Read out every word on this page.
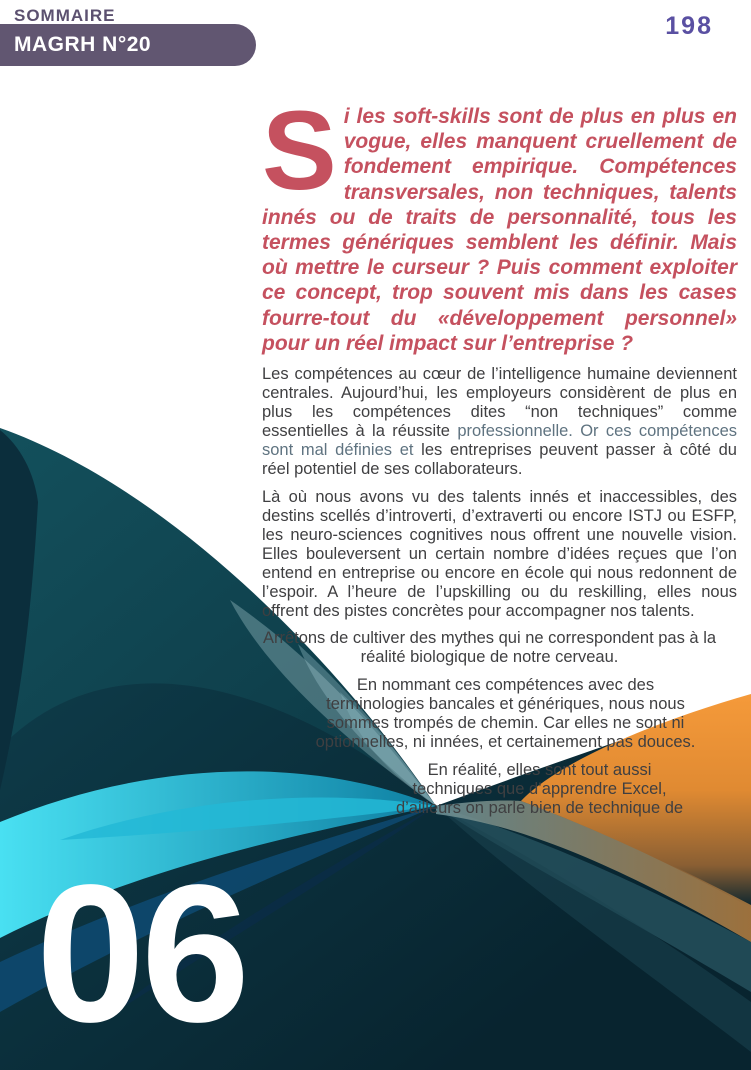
SOMMAIRE
MAGRH N°20
198
06

Si les soft-skills sont de plus en plus en vogue, elles manquent cruellement de fondement empirique. Compétences transversales, non techniques, talents innés ou de traits de personnalité, tous les termes génériques semblent les définir. Mais où mettre le curseur ? Puis comment exploiter ce concept, trop souvent mis dans les cases fourre-tout du «développement personnel» pour un réel impact sur l’entreprise ?

Les compétences au cœur de l’intelligence humaine deviennent centrales. Aujourd’hui, les employeurs considèrent de plus en plus les compétences dites “non techniques” comme essentielles à la réussite professionnelle. Or ces compétences sont mal définies et les entreprises peuvent passer à côté du réel potentiel de ses collaborateurs.

Là où nous avons vu des talents innés et inaccessibles, des destins scellés d’introverti, d’extraverti ou encore ISTJ ou ESFP, les neuro-sciences cognitives nous offrent une nouvelle vision. Elles bouleversent un certain nombre d’idées reçues que l’on entend en entreprise ou encore en école qui nous redonnent de l’espoir. A l’heure de l’upskilling ou du reskilling, elles nous offrent des pistes concrètes pour accompagner nos talents.

Arrêtons de cultiver des mythes qui ne correspondent pas à la réalité biologique de notre cerveau.

En nommant ces compétences avec des terminologies bancales et génériques, nous nous sommes trompés de chemin. Car elles ne sont ni optionnelles, ni innées, et certainement pas douces.

En réalité, elles sont tout aussi techniques que d’apprendre Excel, d’ailleurs on parle bien de technique de
